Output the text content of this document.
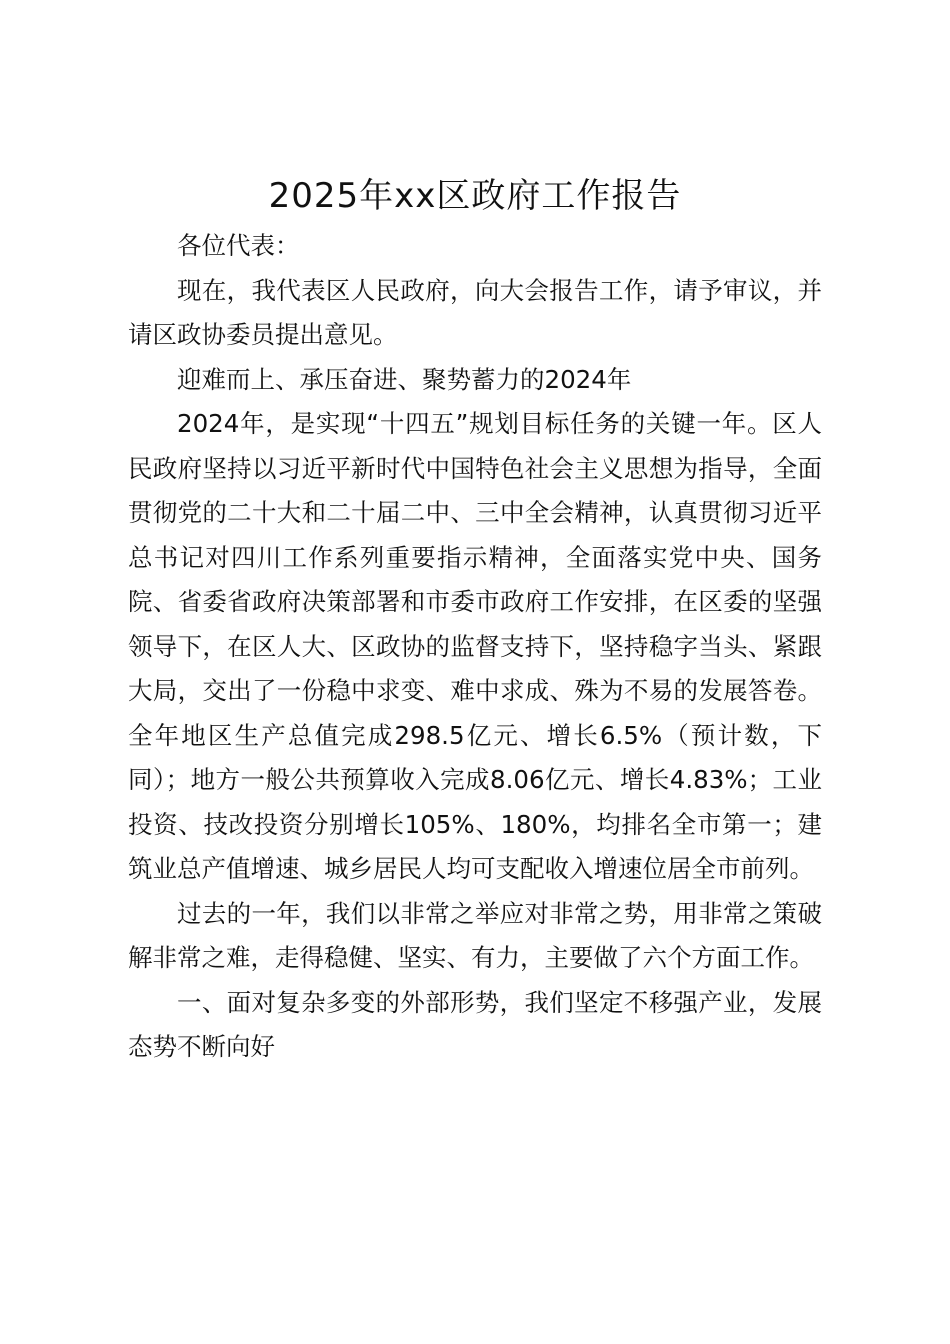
2025年xx区政府工作报告

各位代表：

现在，我代表区人民政府，向大会报告工作，请予审议，并请区政协委员提出意见。

迎难而上、承压奋进、聚势蓄力的2024年

2024年，是实现“十四五”规划目标任务的关键一年。区人民政府坚持以习近平新时代中国特色社会主义思想为指导，全面贯彻党的二十大和二十届二中、三中全会精神，认真贯彻习近平总书记对四川工作系列重要指示精神，全面落实党中央、国务院、省委省政府决策部署和市委市政府工作安排，在区委的坚强领导下，在区人大、区政协的监督支持下，坚持稳字当头、紧跟大局，交出了一份稳中求变、难中求成、殊为不易的发展答卷。全年地区生产总值完成298.5亿元、增长6.5%（预计数，下同）；地方一般公共预算收入完成8.06亿元、增长4.83%；工业投资、技改投资分别增长105%、180%，均排名全市第一；建筑业总产值增速、城乡居民人均可支配收入增速位居全市前列。

过去的一年，我们以非常之举应对非常之势，用非常之策破解非常之难，走得稳健、坚实、有力，主要做了六个方面工作。

一、面对复杂多变的外部形势，我们坚定不移强产业，发展态势不断向好
